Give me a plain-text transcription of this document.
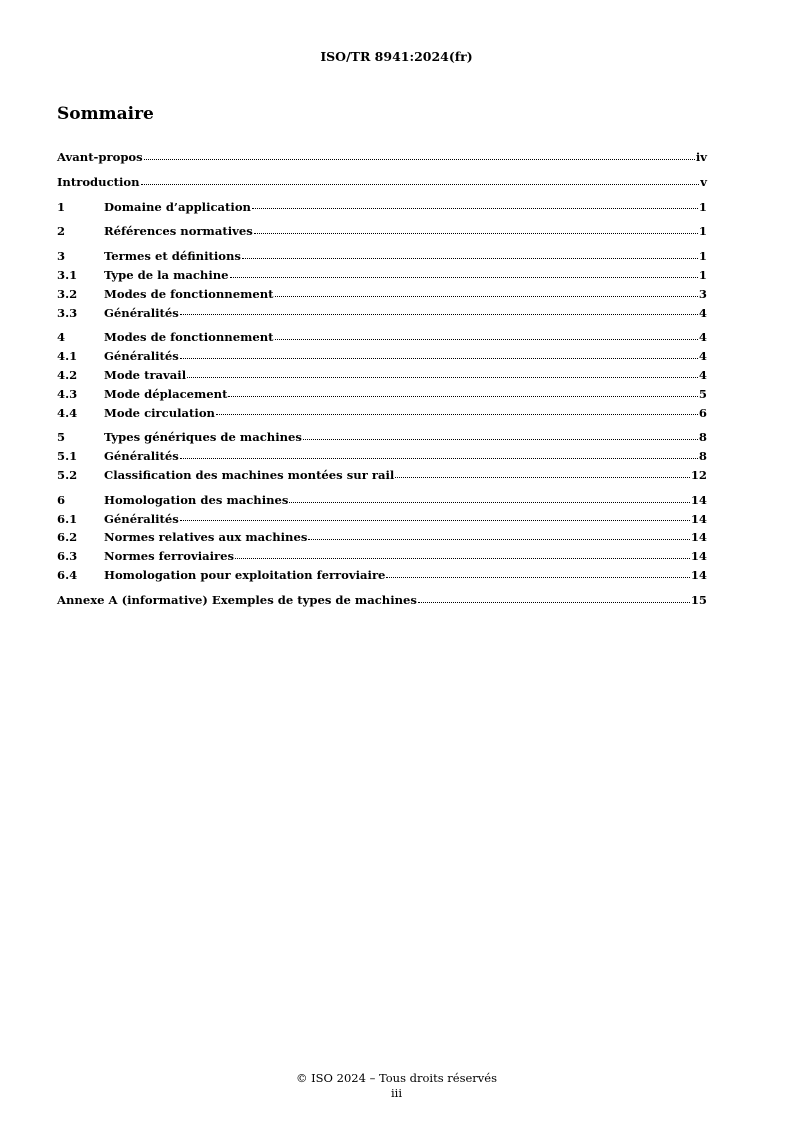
ISO/TR 8941:2024(fr)
Sommaire
Avant-propos	iv
Introduction	v
1	Domaine d’application	1
2	Références normatives	1
3	Termes et définitions	1
3.1	Type de la machine	1
3.2	Modes de fonctionnement	3
3.3	Généralités	4
4	Modes de fonctionnement	4
4.1	Généralités	4
4.2	Mode travail	4
4.3	Mode déplacement	5
4.4	Mode circulation	6
5	Types génériques de machines	8
5.1	Généralités	8
5.2	Classification des machines montées sur rail	12
6	Homologation des machines	14
6.1	Généralités	14
6.2	Normes relatives aux machines	14
6.3	Normes ferroviaires	14
6.4	Homologation pour exploitation ferroviaire	14
Annexe A (informative) Exemples de types de machines	15
© ISO 2024 – Tous droits réservés
iii
